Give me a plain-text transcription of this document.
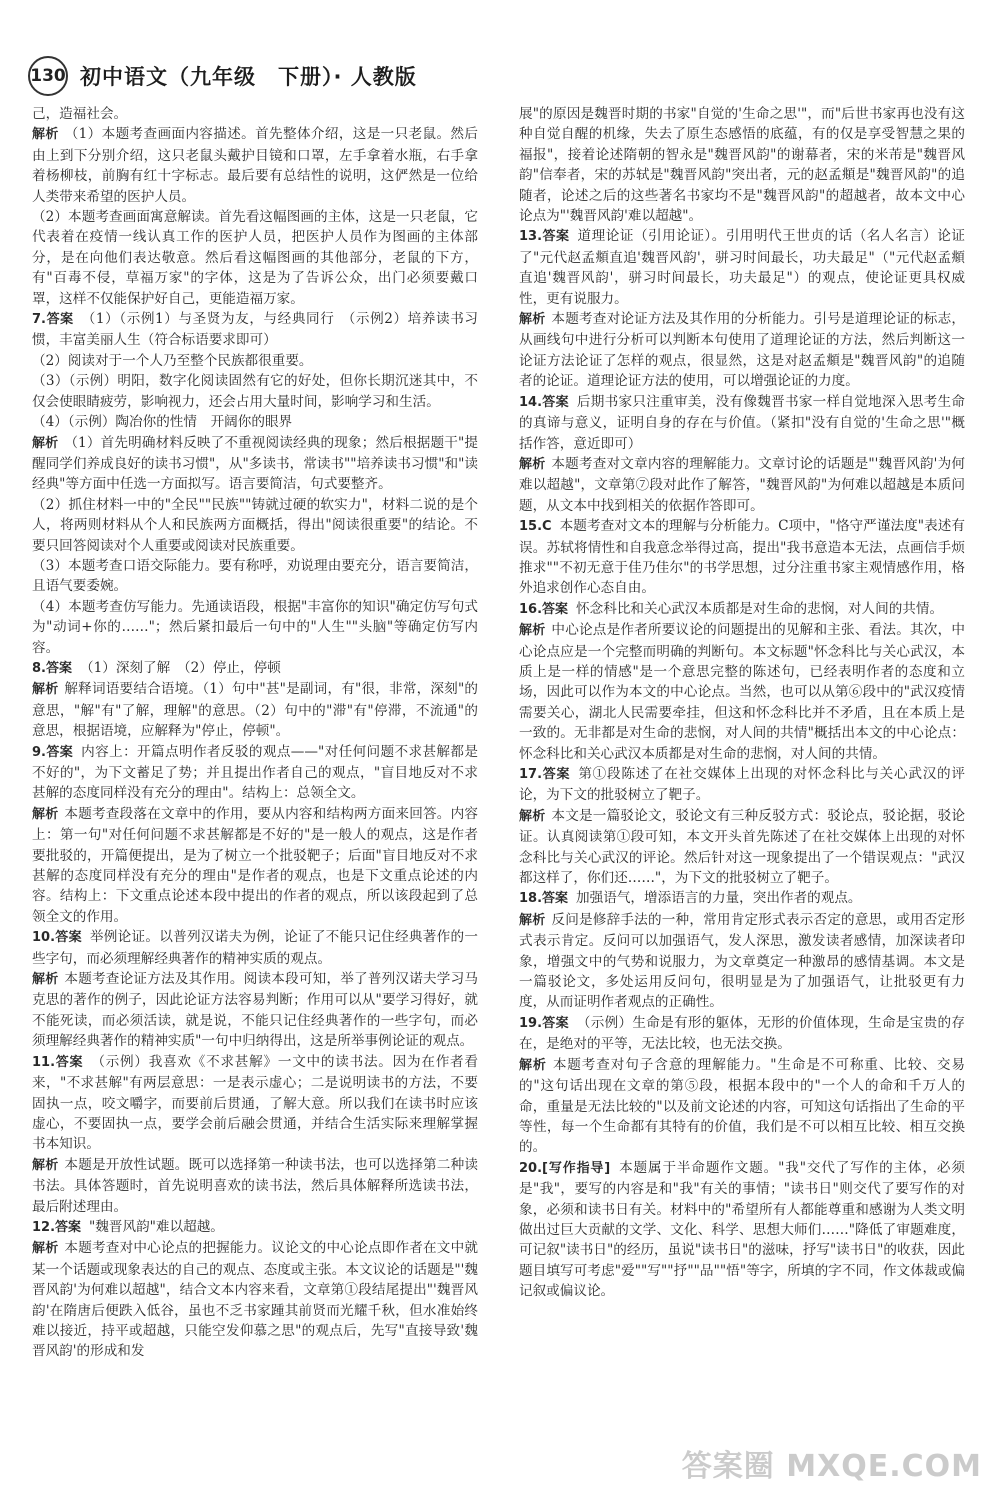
130 初中语文（九年级　下册）· 人教版

己，造福社会。

解析 （1）本题考查画面内容描述。首先整体介绍，这是一只老鼠。然后由上到下分别介绍，这只老鼠头戴护目镜和口罩，左手拿着水瓶，右手拿着杨柳枝，前胸有红十字标志。最后要有总结性的说明，这俨然是一位给人类带来希望的医护人员。

（2）本题考查画面寓意解读。首先看这幅图画的主体，这是一只老鼠，它代表着在疫情一线认真工作的医护人员，把医护人员作为图画的主体部分，是在向他们表达敬意。然后看这幅图画的其他部分，老鼠的下方，有"百毒不侵，草福万家"的字体，这是为了告诉公众，出门必须要戴口罩，这样不仅能保护好自己，更能造福万家。

7.答案 （1）（示例1）与圣贤为友，与经典同行　（示例2）培养读书习惯，丰富美丽人生（符合标语要求即可）

（2）阅读对于一个人乃至整个民族都很重要。

（3）（示例）明阳，数字化阅读固然有它的好处，但你长期沉迷其中，不仅会使眼睛疲劳，影响视力，还会占用大量时间，影响学习和生活。

（4）（示例）陶冶你的性情　开阔你的眼界

解析 （1）首先明确材料反映了不重视阅读经典的现象；然后根据题干"提醒同学们养成良好的读书习惯"，从"多读书，常读书""培养读书习惯"和"读经典"等方面中任选一方面拟写。语言要简洁，句式要整齐。

（2）抓住材料一中的"全民""民族""铸就过硬的软实力"，材料二说的是个人，将两则材料从个人和民族两方面概括，得出"阅读很重要"的结论。不要只回答阅读对个人重要或阅读对民族重要。

（3）本题考查口语交际能力。要有称呼，劝说理由要充分，语言要简洁，且语气要委婉。

（4）本题考查仿写能力。先通读语段，根据"丰富你的知识"确定仿写句式为"动词+你的……"；然后紧扣最后一句中的"人生""头脑"等确定仿写内容。

8.答案 （1）深刻了解　（2）停止，停顿

解析 解释词语要结合语境。（1）句中"甚"是副词，有"很，非常，深刻"的意思，"解"有"了解，理解"的意思。（2）句中的"滞"有"停滞，不流通"的意思，根据语境，应解释为"停止，停顿"。

9.答案 内容上：开篇点明作者反驳的观点——"对任何问题不求甚解都是不好的"，为下文蓄足了势；并且提出作者自己的观点，"盲目地反对不求甚解的态度同样没有充分的理由"。结构上：总领全文。

解析 本题考查段落在文章中的作用，要从内容和结构两方面来回答。内容上：第一句"对任何问题不求甚解都是不好的"是一般人的观点，这是作者要批驳的，开篇便提出，是为了树立一个批驳靶子；后面"盲目地反对不求甚解的态度同样没有充分的理由"是作者的观点，也是下文重点论述的内容。结构上：下文重点论述本段中提出的作者的观点，所以该段起到了总领全文的作用。

10.答案 举例论证。以普列汉诺夫为例，论证了不能只记住经典著作的一些字句，而必须理解经典著作的精神实质的观点。

解析 本题考查论证方法及其作用。阅读本段可知，举了普列汉诺夫学习马克思的著作的例子，因此论证方法容易判断；作用可以从"要学习得好，就不能死读，而必须活读，就是说，不能只记住经典著作的一些字句，而必须理解经典著作的精神实质"一句中归纳得出，这是所举事例论证的观点。

11.答案 （示例）我喜欢《不求甚解》一文中的读书法。因为在作者看来，"不求甚解"有两层意思：一是表示虚心；二是说明读书的方法，不要固执一点，咬文嚼字，而要前后贯通，了解大意。所以我们在读书时应该虚心，不要固执一点，要学会前后融会贯通，并结合生活实际来理解掌握书本知识。

解析 本题是开放性试题。既可以选择第一种读书法，也可以选择第二种读书法。具体答题时，首先说明喜欢的读书法，然后具体解释所选读书法，最后附述理由。

12.答案 "魏晋风韵"难以超越。

解析 本题考查对中心论点的把握能力。议论文的中心论点即作者在文中就某一个话题或现象表达的自己的观点、态度或主张。本文议论的话题是"'魏晋风韵'为何难以超越"，结合文本内容来看，文章第①段结尾提出"'魏晋风韵'在隋唐后便跌入低谷，虽也不乏书家踵其前贤而光耀千秋，但水准始终难以接近，持平或超越，只能空发仰慕之思"的观点后，先写"直接导致'魏晋风韵'的形成和发

展"的原因是魏晋时期的书家"自觉的'生命之思'"，而"后世书家再也没有这种自觉自醒的机缘，失去了原生态感悟的底蕴，有的仅是享受智慧之果的福报"，接着论述隋朝的智永是"魏晋风韵"的谢幕者，宋的米芾是"魏晋风韵"信奉者，宋的苏轼是"魏晋风韵"突出者，元的赵孟頫是"魏晋风韵"的追随者，论述之后的这些著名书家均不是"魏晋风韵"的超越者，故本文中心论点为"'魏晋风韵'难以超越"。

13.答案 道理论证（引用论证）。引用明代王世贞的话（名人名言）论证了"元代赵孟頫直追'魏晋风韵'，骈习时间最长，功夫最足"（"元代赵孟頫直追'魏晋风韵'，骈习时间最长，功夫最足"）的观点，使论证更具权威性，更有说服力。

解析 本题考查对论证方法及其作用的分析能力。引号是道理论证的标志，从画线句中进行分析可以判断本句使用了道理论证的方法，然后判断这一论证方法论证了怎样的观点，很显然，这是对赵孟頫是"魏晋风韵"的追随者的论证。道理论证方法的使用，可以增强论证的力度。

14.答案 后期书家只注重审美，没有像魏晋书家一样自觉地深入思考生命的真谛与意义，证明自身的存在与价值。（紧扣"没有自觉的'生命之思'"概括作答，意近即可）

解析 本题考查对文章内容的理解能力。文章讨论的话题是"'魏晋风韵'为何难以超越"，文章第⑦段对此作了解答，"魏晋风韵"为何难以超越是本质问题，从文本中找到相关的依据作答即可。

15.C 本题考查对文本的理解与分析能力。C项中，"恪守严谨法度"表述有误。苏轼将情性和自我意念举得过高，提出"我书意造本无法，点画信手烦推求""不初无意于佳乃佳尔"的书学思想，过分注重书家主观情感作用，格外追求创作心态自由。

16.答案 怀念科比和关心武汉本质都是对生命的悲悯，对人间的共情。

解析 中心论点是作者所要议论的问题提出的见解和主张、看法。其次，中心论点应是一个完整而明确的判断句。本文标题"怀念科比与关心武汉，本质上是一样的情感"是一个意思完整的陈述句，已经表明作者的态度和立场，因此可以作为本文的中心论点。当然，也可以从第⑥段中的"武汉疫情需要关心，湖北人民需要牵挂，但这和怀念科比并不矛盾，且在本质上是一致的。无非都是对生命的悲悯，对人间的共情"概括出本文的中心论点：怀念科比和关心武汉本质都是对生命的悲悯，对人间的共情。

17.答案 第①段陈述了在社交媒体上出现的对怀念科比与关心武汉的评论，为下文的批驳树立了靶子。

解析 本文是一篇驳论文，驳论文有三种反驳方式：驳论点，驳论据，驳论证。认真阅读第①段可知，本文开头首先陈述了在社交媒体上出现的对怀念科比与关心武汉的评论。然后针对这一现象提出了一个错误观点："武汉都这样了，你们还……"，为下文的批驳树立了靶子。

18.答案 加强语气，增添语言的力量，突出作者的观点。

解析 反问是修辞手法的一种，常用肯定形式表示否定的意思，或用否定形式表示肯定。反问可以加强语气，发人深思，激发读者感情，加深读者印象，增强文中的气势和说服力，为文章奠定一种激昂的感情基调。本文是一篇驳论文，多处运用反问句，很明显是为了加强语气，让批驳更有力度，从而证明作者观点的正确性。

19.答案 （示例）生命是有形的躯体，无形的价值体现，生命是宝贵的存在，是绝对的平等，无法比较，也无法交换。

解析 本题考查对句子含意的理解能力。"生命是不可称重、比较、交易的"这句话出现在文章的第⑤段，根据本段中的"一个人的命和千万人的命，重量是无法比较的"以及前文论述的内容，可知这句话指出了生命的平等性，每一个生命都有其特有的价值，我们是不可以相互比较、相互交换的。

20.[写作指导] 本题属于半命题作文题。"我"交代了写作的主体，必须是"我"，要写的内容是和"我"有关的事情；"读书日"则交代了要写作的对象，必须和读书日有关。材料中的"希望所有人都能尊重和感谢为人类文明做出过巨大贡献的文学、文化、科学、思想大师们……"降低了审题难度，可记叙"读书日"的经历，虽说"读书日"的滋味，抒写"读书日"的收获，因此题目填写可考虑"爱""写""抒""品""悟"等字，所填的字不同，作文体裁或偏记叙或偏议论。

答案圈 MXQE.COM
